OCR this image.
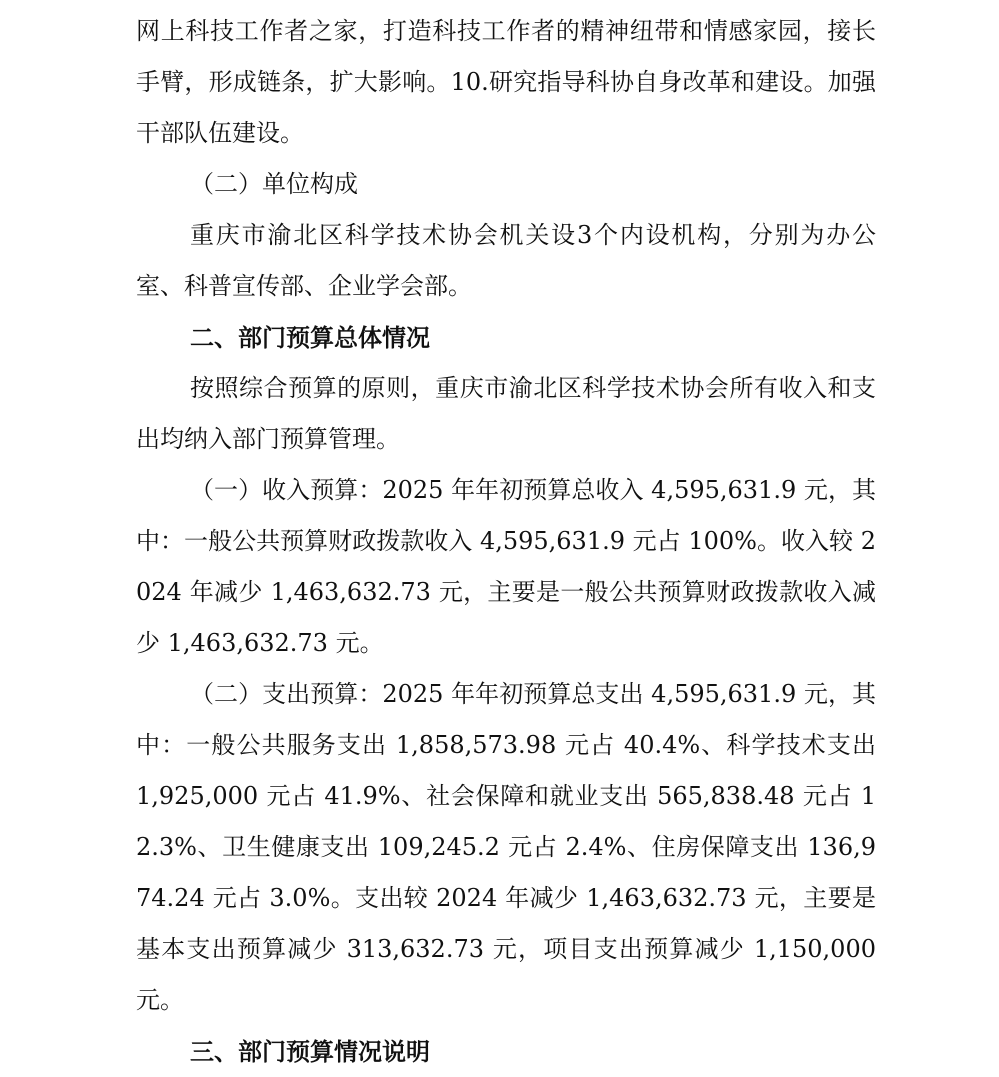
网上科技工作者之家，打造科技工作者的精神纽带和情感家园，接长手臂，形成链条，扩大影响。10.研究指导科协自身改革和建设。加强干部队伍建设。

（二）单位构成

重庆市渝北区科学技术协会机关设3个内设机构，分别为办公室、科普宣传部、企业学会部。

二、部门预算总体情况

按照综合预算的原则，重庆市渝北区科学技术协会所有收入和支出均纳入部门预算管理。

（一）收入预算：2025 年年初预算总收入 4,595,631.9 元，其中：一般公共预算财政拨款收入 4,595,631.9 元占 100%。收入较 2024 年减少 1,463,632.73 元，主要是一般公共预算财政拨款收入减少 1,463,632.73 元。

（二）支出预算：2025 年年初预算总支出 4,595,631.9 元，其中：一般公共服务支出 1,858,573.98 元占 40.4%、科学技术支出 1,925,000 元占 41.9%、社会保障和就业支出 565,838.48 元占 12.3%、卫生健康支出 109,245.2 元占 2.4%、住房保障支出 136,974.24 元占 3.0%。支出较 2024 年减少 1,463,632.73 元，主要是基本支出预算减少 313,632.73 元，项目支出预算减少 1,150,000 元。

三、部门预算情况说明
